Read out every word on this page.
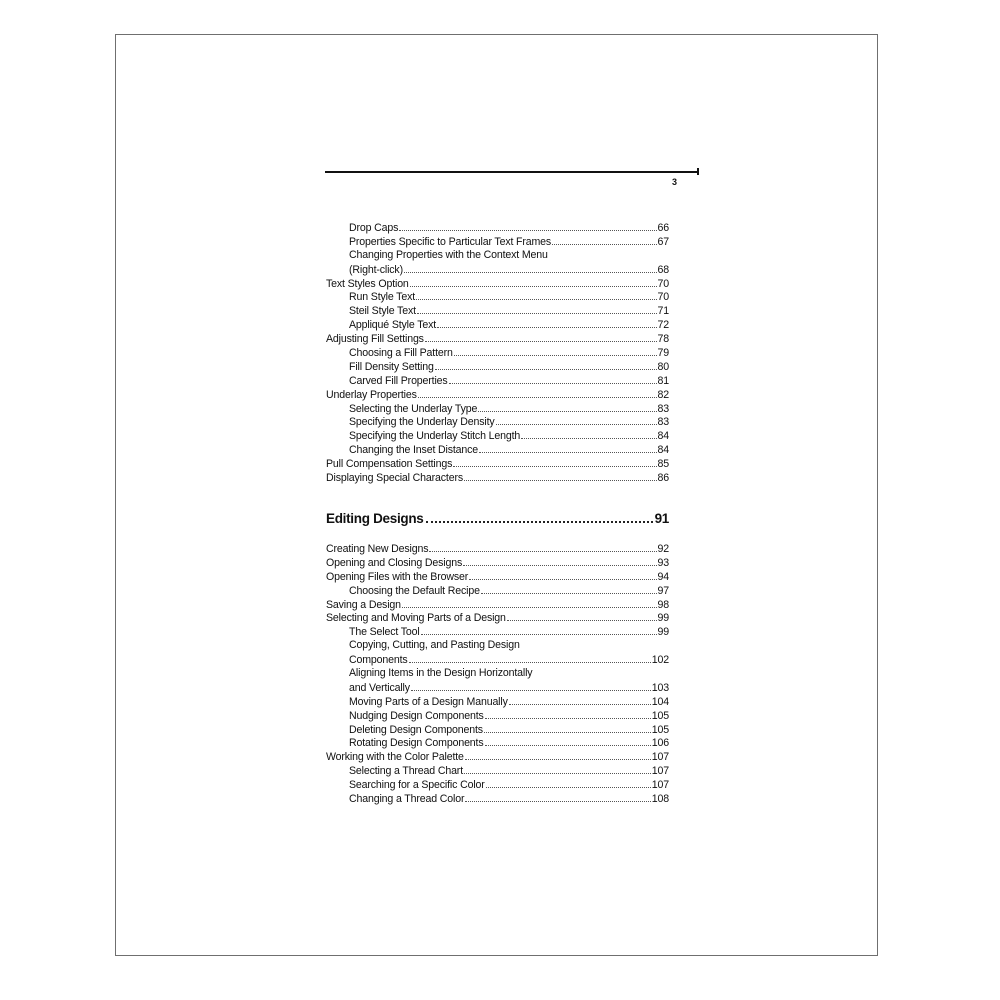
3
Drop Caps	66
Properties Specific to Particular Text Frames	67
Changing Properties with the Context Menu
(Right-click)	68
Text Styles Option	70
Run Style Text	70
Steil Style Text	71
Appliqué Style Text	72
Adjusting Fill Settings	78
Choosing a Fill Pattern	79
Fill Density Setting	80
Carved Fill Properties	81
Underlay Properties	82
Selecting the Underlay Type	83
Specifying the Underlay Density	83
Specifying the Underlay Stitch Length	84
Changing the Inset Distance	84
Pull Compensation Settings	85
Displaying Special Characters	86
Editing Designs	91
Creating New Designs	92
Opening and Closing Designs	93
Opening Files with the Browser	94
Choosing the Default Recipe	97
Saving a Design	98
Selecting and Moving Parts of a Design	99
The Select Tool	99
Copying, Cutting, and Pasting Design
Components	102
Aligning Items in the Design Horizontally
and Vertically	103
Moving Parts of a Design Manually	104
Nudging Design Components	105
Deleting Design Components	105
Rotating Design Components	106
Working with the Color Palette	107
Selecting a Thread Chart	107
Searching for a Specific Color	107
Changing a Thread Color	108
